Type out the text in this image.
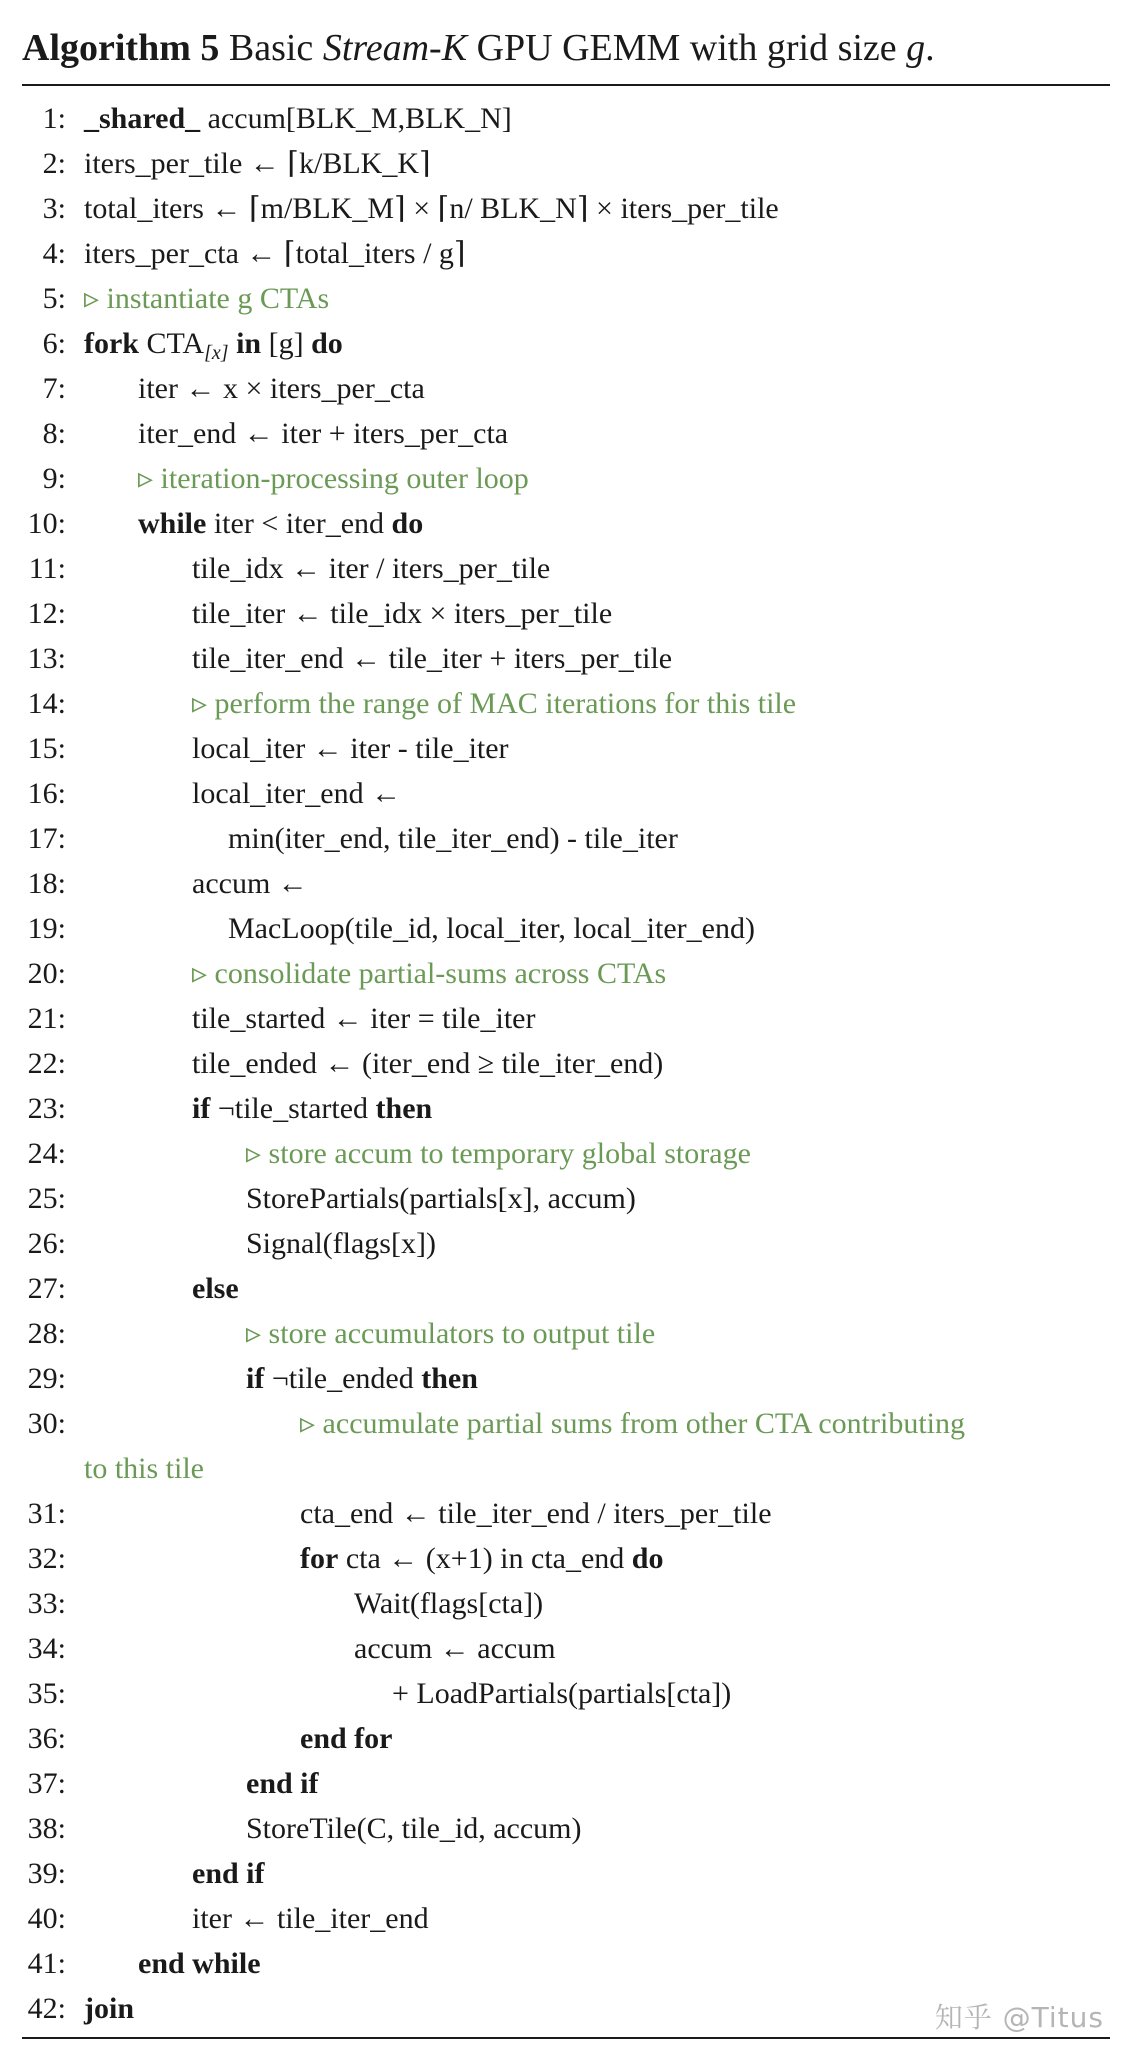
Algorithm 5 Basic Stream-K GPU GEMM with grid size g.
1: _shared_ accum[BLK_M,BLK_N]
2: iters_per_tile ← ⌈k/BLK_K⌉
3: total_iters ← ⌈m/BLK_M⌉ × ⌈n/ BLK_N⌉ × iters_per_tile
4: iters_per_cta ← ⌈total_iters / g⌉
5: ▹ instantiate g CTAs
6: fork $CTA_{[x]}$ in [g] do
7: iter ← x × iters_per_cta
8: iter_end ← iter + iters_per_cta
9: ▹ iteration-processing outer loop
10: while iter < iter_end do
11:	tile_idx ← iter / iters_per_tile
12:	tile_iter ← tile_idx × iters_per_tile
13:	tile_iter_end ← tile_iter + iters_per_tile
14:	▹ perform the range of MAC iterations for this tile
15:	local_iter ← iter - tile_iter
16:	local_iter_end ←
17:	min(iter_end, tile_iter_end) - tile_iter
18:	accum ←
19:	MacLoop(tile_id, local_iter, local_iter_end)
20:	▹ consolidate partial-sums across CTAs
21:	tile_started ← iter = tile_iter
22:	tile_ended ← (iter_end ≥ tile_iter_end)
23:	if ¬tile_started then
24:	▹ store accum to temporary global storage
25:	StorePartials(partials[x], accum)
26:	Signal(flags[x])
27:	else
28:	▹ store accumulators to output tile
29:	if ¬tile_ended then
30:	▹ accumulate partial sums from other CTA contributing
to this tile
31:	cta_end ← tile_iter_end / iters_per_tile
32:	for cta ← (x+1) in cta_end do
33:	Wait(flags[cta])
34:	accum ← accum
35:	+ LoadPartials(partials[cta])
36:	end for
37:	end if
38:	StoreTile(C, tile_id, accum)
39:	end if
40:	iter ← tile_iter_end
41: end while
42: join	知乎 @Titus
